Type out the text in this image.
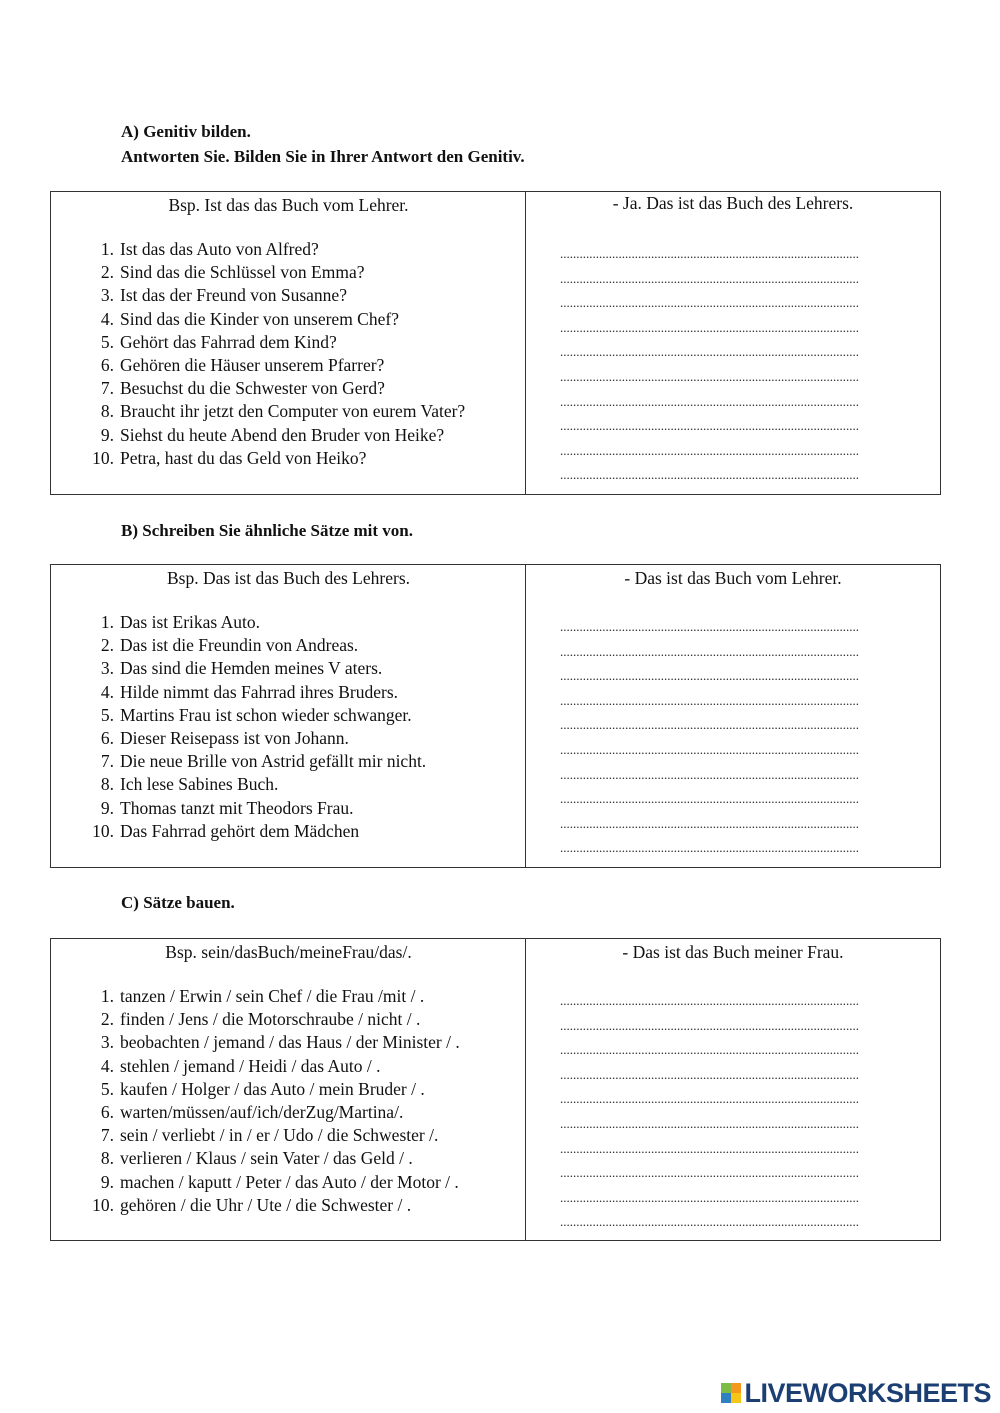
A) Genitiv bilden.

Antworten Sie. Bilden Sie in Ihrer Antwort den Genitiv.

Bsp. Ist das das Buch vom Lehrer.
1. Ist das das Auto von Alfred?
2. Sind das die Schlüssel von Emma?
3. Ist das der Freund von Susanne?
4. Sind das die Kinder von unserem Chef?
5. Gehört das Fahrrad dem Kind?
6. Gehören die Häuser unserem Pfarrer?
7. Besuchst du die Schwester von Gerd?
8. Braucht ihr jetzt den Computer von eurem Vater?
9. Siehst du heute Abend den Bruder von Heike?
10. Petra, hast du das Geld von Heiko?
- Ja. Das ist das Buch des Lehrers.
............................................................................................
............................................................................................
............................................................................................
............................................................................................
............................................................................................
............................................................................................
............................................................................................
............................................................................................
............................................................................................
............................................................................................

B) Schreiben Sie ähnliche Sätze mit von.

Bsp. Das ist das Buch des Lehrers.
1. Das ist Erikas Auto.
2. Das ist die Freundin von Andreas.
3. Das sind die Hemden meines V aters.
4. Hilde nimmt das Fahrrad ihres Bruders.
5. Martins Frau ist schon wieder schwanger.
6. Dieser Reisepass ist von Johann.
7. Die neue Brille von Astrid gefällt mir nicht.
8. Ich lese Sabines Buch.
9. Thomas tanzt mit Theodors Frau.
10. Das Fahrrad gehört dem Mädchen
- Das ist das Buch vom Lehrer.
............................................................................................
............................................................................................
............................................................................................
............................................................................................
............................................................................................
............................................................................................
............................................................................................
............................................................................................
............................................................................................
............................................................................................

C) Sätze bauen.

Bsp. sein/dasBuch/meineFrau/das/.
1. tanzen / Erwin / sein Chef / die Frau /mit / .
2. finden / Jens / die Motorschraube / nicht / .
3. beobachten / jemand / das Haus / der Minister / .
4. stehlen / jemand / Heidi / das Auto / .
5. kaufen / Holger / das Auto / mein Bruder / .
6. warten/müssen/auf/ich/derZug/Martina/.
7. sein / verliebt / in / er / Udo / die Schwester /.
8. verlieren / Klaus / sein Vater / das Geld / .
9. machen / kaputt / Peter / das Auto / der Motor / .
10. gehören / die Uhr / Ute / die Schwester / .
- Das ist das Buch meiner Frau.
............................................................................................
............................................................................................
............................................................................................
............................................................................................
............................................................................................
............................................................................................
............................................................................................
............................................................................................
............................................................................................
............................................................................................
LIVEWORKSHEETS
